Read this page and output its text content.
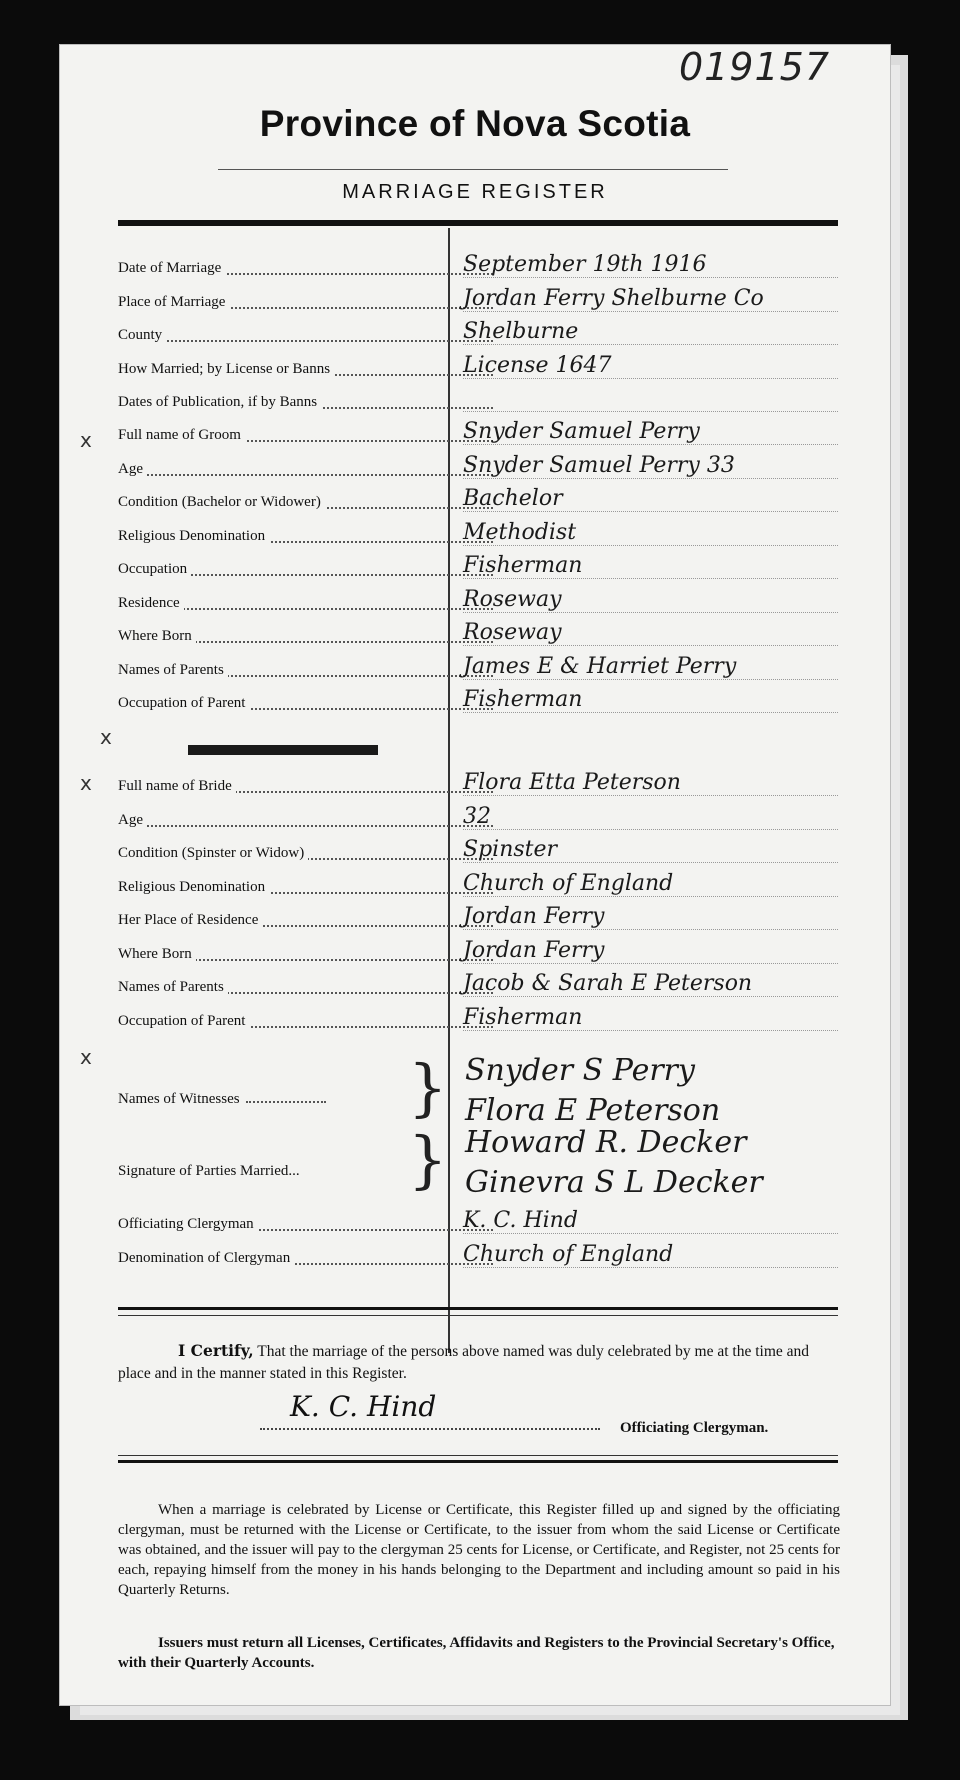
019157
Province of Nova Scotia
MARRIAGE REGISTER
Date of Marriage	September 19th 1916
Place of Marriage	Jordan Ferry Shelburne Co
County	Shelburne
How Married; by License or Banns	License 1647
Dates of Publication, if by Banns
Full name of Groom	Snyder Samuel Perry
Age	Snyder Samuel Perry 33
Condition (Bachelor or Widower)	Bachelor
Religious Denomination	Methodist
Occupation	Fisherman
Residence	Roseway
Where Born	Roseway
Names of Parents	James E & Harriet Perry
Occupation of Parent	Fisherman
Full name of Bride	Flora Etta Peterson
Age	32
Condition (Spinster or Widow)	Spinster
Religious Denomination	Church of England
Her Place of Residence	Jordan Ferry
Where Born	Jordan Ferry
Names of Parents	Jacob & Sarah E Peterson
Occupation of Parent	Fisherman
Names of Witnesses	} Snyder S Perry
Flora E Peterson
Signature of Parties Married... } Howard R. Decker
Ginevra S L Decker
Officiating Clergyman	K. C. Hind
Denomination of Clergyman	Church of England
I Certify, That the marriage of the persons above named was duly celebrated by me at the time and place and in the manner stated in this Register.
K. C. Hind
Officiating Clergyman.

When a marriage is celebrated by License or Certificate, this Register filled up and signed by the officiating clergyman, must be returned with the License or Certificate, to the issuer from whom the said License or Certificate was obtained, and the issuer will pay to the clergyman 25 cents for License, or Certificate, and Register, not 25 cents for each, repaying himself from the money in his hands belonging to the Department and including amount so paid in his Quarterly Returns.

Issuers must return all Licenses, Certificates, Affidavits and Registers to the Provincial Secretary's Office, with their Quarterly Accounts.
x
x
x
x
